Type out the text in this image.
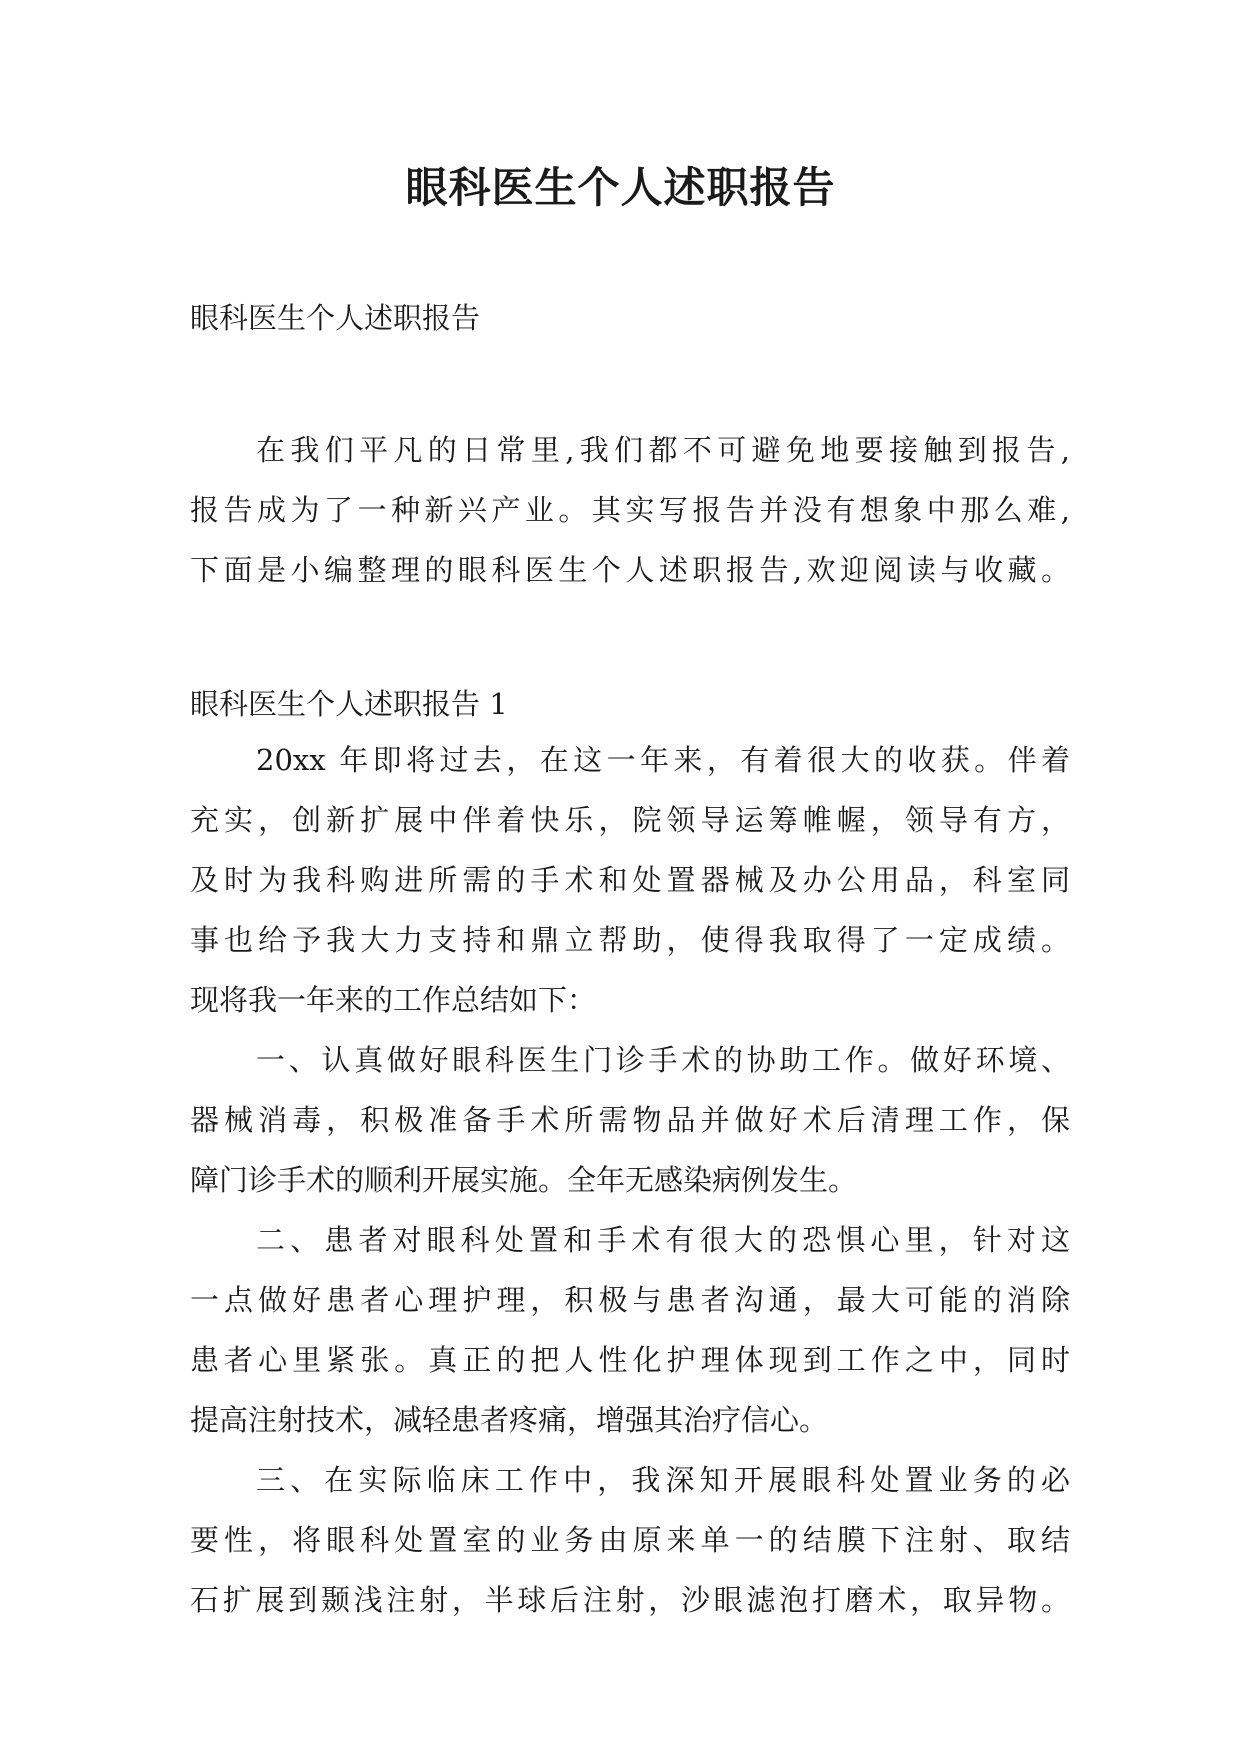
眼科医生个人述职报告

眼科医生个人述职报告

在我们平凡的日常里,我们都不可避免地要接触到报告,

报告成为了一种新兴产业。其实写报告并没有想象中那么难,

下面是小编整理的眼科医生个人述职报告,欢迎阅读与收藏。

眼科医生个人述职报告 1

20xx 年即将过去，在这一年来，有着很大的收获。伴着

充实，创新扩展中伴着快乐，院领导运筹帷幄，领导有方，

及时为我科购进所需的手术和处置器械及办公用品，科室同

事也给予我大力支持和鼎立帮助，使得我取得了一定成绩。

现将我一年来的工作总结如下：

一、认真做好眼科医生门诊手术的协助工作。做好环境、

器械消毒，积极准备手术所需物品并做好术后清理工作，保

障门诊手术的顺利开展实施。全年无感染病例发生。

二、患者对眼科处置和手术有很大的恐惧心里，针对这

一点做好患者心理护理，积极与患者沟通，最大可能的消除

患者心里紧张。真正的把人性化护理体现到工作之中，同时

提高注射技术，减轻患者疼痛，增强其治疗信心。

三、在实际临床工作中，我深知开展眼科处置业务的必

要性，将眼科处置室的业务由原来单一的结膜下注射、取结

石扩展到颞浅注射，半球后注射，沙眼滤泡打磨术，取异物。
